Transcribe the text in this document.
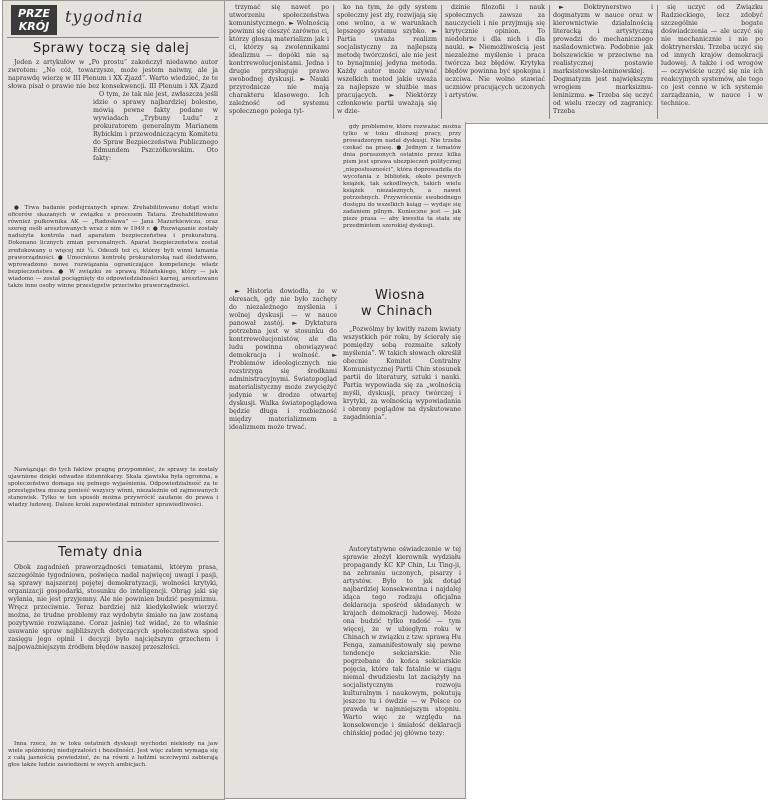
PRZE
KRÓJ
tygodnia
Sprawy toczą się dalej

Jeden z artykułów w „Po prostu” zakończył niedawno autor zwrotem: „No cóż, towarzysze, może jestem naiwny, ale ja naprawdę wierzę w III Plenum i XX Zjazd”. Warto wiedzieć, że te słowa pisał o prawie nie bez konsekwencji. III Plenum i XX Zjazd

O tym, że tak nie jest, zwłaszcza jeśli idzie o sprawy najbardziej bolesne, mówią pewne fakty podane w wywiadach „Trybuny Ludu” z prokuratorem generalnym Marianem Rybickim i przewodniczącym Komitetu do Spraw Bezpieczeństwa Publicznego Edmundem Pszczółkowskim. Oto fakty:

● Trwa badanie podejrzanych spraw. Zrehabilitowano dotąd wielu oficerów skazanych w związku z procesem Tatara. Zrehabilitowano również pułkownika AK — „Radosława” — Jana Mazurkiewicza, oraz szereg osób aresztowanych wraz z nim w 1949 r. ● Rozwiązanie zostały nadużyta kontrola nad aparatem bezpieczeństwa i prokuraturą. Dokonano licznych zmian personalnych. Aparat bezpieczeństwa został zredukowany o więcej niż ¼. Odeszli też ci, którzy byli winni łamania praworządności. ● Umocniono kontrolę prokuratorską nad śledztwem, wprowadzono nowe rozwiązania ograniczające kompetencje władz bezpieczeństwa. ● W związku ze sprawą Różańskiego, który — jak wiadomo — został pociągnięty do odpowiedzialności karnej, aresztowano także inne osoby winne przestępstw przeciwko praworządności.

Nawiązując do tych faktów pragnę przypomnieć, że sprawy te zostały ujawnione dzięki odwadze dziennikarzy. Skala zjawiska była ogromna, a społeczeństwo domaga się pełnego wyjaśnienia. Odpowiedzialność za te przestępstwa muszą ponieść wszyscy winni, niezależnie od zajmowanych stanowisk. Tylko w ten sposób można przywrócić zaufanie do prawa i władzy ludowej. Dalsze kroki zapowiedział minister sprawiedliwości.

Tematy dnia

Obok zagadnień praworządności tematami, którym prasa, szczególnie tygodniowa, poświęca nadal najwięcej uwagi i pasji, są sprawy najszerzej pojętej demokratyzacji, wolności krytyki, organizacji gospodarki, stosunku do inteligencji. Obrąg jaki się wyłania, nie jest przyjemny. Ale nie powinien budzić pesymizmu. Wręcz przeciwnie. Teraz bardziej niż kiedykolwiek wierzyć można, że trudne problemy raz wydobyte śmiało na jaw zostaną pozytywnie rozwiązane. Coraz jaśniej też widać, że to właśnie usuwanie spraw najbliższych dotyczących społeczeństwa spod zasięgu jego opinii i decyzji było najcięższym grzechem i najpoważniejszym źródłem błędów naszej przeszłości.

Inna rzecz, że w toku ostatnich dyskusji wychodzi niekiedy na jaw wiele spóźnionej niedojrzałości i bezsilności. Jest więc zatem wymaga się z całą jasnością powiedzieć, że na równi z ludźmi uczciwymi zabierają głos także ludzie zawiedzeni w swych ambicjach.

trzymać się nawet po utworzeniu społeczeństwa komunistycznego. ► Wolnością powinni się cieszyć zarówno ci, którzy głoszą materializm jak i ci, którzy są zwolennikami idealizmu — dopóki nie są kontrrewolucjonistami. Jedna i drugie przysługuje prawo swobodnej dyskusji. ► Nauki przyrodnicze nie mają charakteru klasowego. Ich zależność od systemu społecznego polega tyl-

ko na tym, że gdy system społeczny jest zły, rozwijają się one wolno, a w warunkach lepszego systemu szybko. ► Partia uważa realizm socjalistyczny za najlepszą metodę twórczości, ale nie jest to bynajmniej jedyna metoda. Każdy autor może używać wszelkich metod jakie uważa za najlepsze w służbie mas pracujących. ► Niektórzy członkowie partii uważają się w dzie-

dzinie filozofii i nauk społecznych zawsze za nauczycieli i nie przyjmują się krytycznie opinion. To niedobrze i dla nich i dla nauki. ► Niemożliwością jest niezależne myślenie i praca twórcza bez błędów. Krytyka błędów powinna być spokojna i uczciwa. Nie wolno stawiać uczniów pracujących uczonych i artystów.

► Doktrynerstwo i dogmatyzm w nauce oraz w kierownictwie działalnością literacką i artystyczną prowadzi do mechanicznego naśladownictwa. Podobnie jak bolszewickie w przeciwne na realistycznej postawie marksistowsko-leninowskiej. Dogmatyzm jest największym wrogiem marksizmu-leninizmu. ► Trzeba się uczyć od wielu rzeczy od zagranicy. Trzeba

się uczyć od Związku Radzieckiego, lecz zdobyć szczególnie bogate doświadczenia — ale uczyć się nie mechanicznie i nie po doktrynersku. Trzeba uczyć się od innych krajów demokracji ludowej. A także i od wrogów — oczywiście uczyć się nie ich reakcyjnych systemów, ale tego co jest cenne w ich systemie zarządzania, w nauce i w technice.

gdy problemów, które rozważać można tylko w toku dłuższej pracy, przy prowadzonym nadal dyskusji. Nie trzeba czekać na prasę. ● Jednym z tematów dnia poruszonych ostatnio przez kilka pism jest sprawa ubezpieczeń politycznej „nieposłuszności”, która doprowadziła do wycofania z bibliotek, około pewnych książek, tak szkodliwych, takich wielu książek niezaleznych, a nawet potrzebnych. Przywrócenie swobodnego dostępu do wszelkich ksiąg — wydaje się zadaniem pilnym. Konieczne jest — jak pisze prasa — aby kwestia ta stała się przedmiotem szerokiej dyskusji.

Wiosna
w Chinach

„Pozwólmy by kwitły razem kwiaty wszystkich pór roku, by ścierały się pomiędzy sobą rozmaite szkoły myślenia”. W takich słowach określił obecnie Komitet Centralny Komunistycznej Partii Chin stosunek partii do literatury, sztuki i nauki. Partia wypowiada się za „wolnością myśli, dyskusji, pracy twórczej i krytyki, za wolnością wypowiadania i obrony poglądów na dyskutowane zagadnienia”.

Autorytatywne oświadczenie w tej sprawie złożył kierownik wydziału propagandy KC KP Chin, Lu Ting-ji, na zebraniu uczonych, pisarzy i artystów. Było to jak dotąd najbardziej konsekwentna i najdalej idąca tego rodzaju oficjalna deklaracja spośród składanych w krajach demokracji ludowej. Może ona budzić tylko radość — tym więcej, że w ubiegłym roku w Chinach w związku z tzw. sprawą Hu Fenga, zamanifestowały się pewne tendencje sekciarskie. Nie pogrzebane do końca sekciarskie pojęcia, które tak fatalnie w ciągu niemal dwudziestu lat zaciążyły na socjalistycznym rozwoju kulturalnym i naukowym, pokutują jeszcze tu i ówdzie — w Polsce co prawda w najmniejszym stopniu. Warto więc ze względu na konsekwencje i śmiałość deklaracji chińskiej podać jej główne tezy:

► Historia dowiodła, że w okresach, gdy nie było zachęty do niezależnego myślenia i wolnej dyskusji — w nauce panował zastój. ► Dyktatura potrzebna jest w stosunku do kontrrewolucjonistów, ale dla ludu powinna obowiązywać demokracja i wolność. ► Problemów ideologicznych nie rozstrzyga się środkami administracyjnymi. Światopogląd materialistyczny może zwyciężyć jedynie w drodze otwartej dyskusji. Walka światopoglądowa będzie długa i rozbieżność między materializmem a idealizmem może trwać.
